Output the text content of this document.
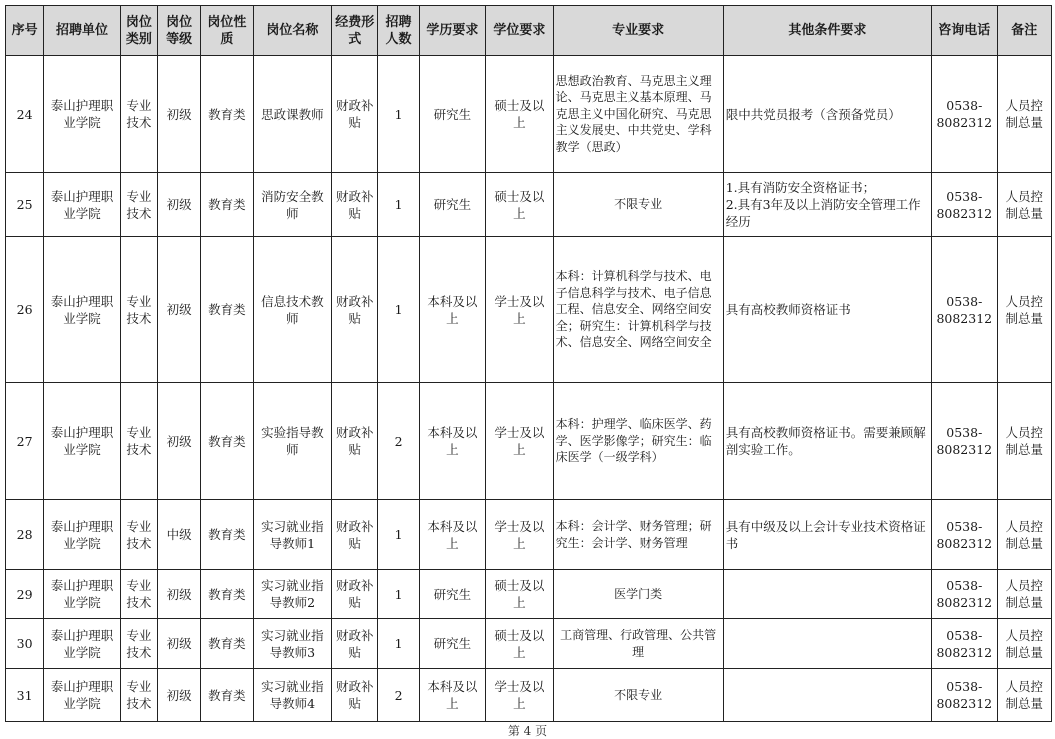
序号	招聘单位	岗位类别	岗位等级	岗位性质	岗位名称	经费形式	招聘人数	学历要求	学位要求	专业要求	其他条件要求	咨询电话	备注
24	泰山护理职业学院	专业技术	初级	教育类	思政课教师	财政补贴	1	研究生	硕士及以上	思想政治教育、马克思主义理论、马克思主义基本原理、马克思主义中国化研究、马克思主义发展史、中共党史、学科教学（思政）	限中共党员报考（含预备党员）	0538-8082312	人员控制总量
25	泰山护理职业学院	专业技术	初级	教育类	消防安全教师	财政补贴	1	研究生	硕士及以上	不限专业	1.具有消防安全资格证书；
2.具有3年及以上消防安全管理工作经历	0538-8082312	人员控制总量
26	泰山护理职业学院	专业技术	初级	教育类	信息技术教师	财政补贴	1	本科及以上	学士及以上	本科：计算机科学与技术、电子信息科学与技术、电子信息工程、信息安全、网络空间安全；研究生：计算机科学与技术、信息安全、网络空间安全	具有高校教师资格证书	0538-8082312	人员控制总量
27	泰山护理职业学院	专业技术	初级	教育类	实验指导教师	财政补贴	2	本科及以上	学士及以上	本科：护理学、临床医学、药学、医学影像学；研究生：临床医学（一级学科）	具有高校教师资格证书。需要兼顾解剖实验工作。	0538-8082312	人员控制总量
28	泰山护理职业学院	专业技术	中级	教育类	实习就业指导教师1	财政补贴	1	本科及以上	学士及以上	本科：会计学、财务管理；研究生：会计学、财务管理	具有中级及以上会计专业技术资格证书	0538-8082312	人员控制总量
29	泰山护理职业学院	专业技术	初级	教育类	实习就业指导教师2	财政补贴	1	研究生	硕士及以上	医学门类		0538-8082312	人员控制总量
30	泰山护理职业学院	专业技术	初级	教育类	实习就业指导教师3	财政补贴	1	研究生	硕士及以上	工商管理、行政管理、公共管理		0538-8082312	人员控制总量
31	泰山护理职业学院	专业技术	初级	教育类	实习就业指导教师4	财政补贴	2	本科及以上	学士及以上	不限专业		0538-8082312	人员控制总量
第 4 页
